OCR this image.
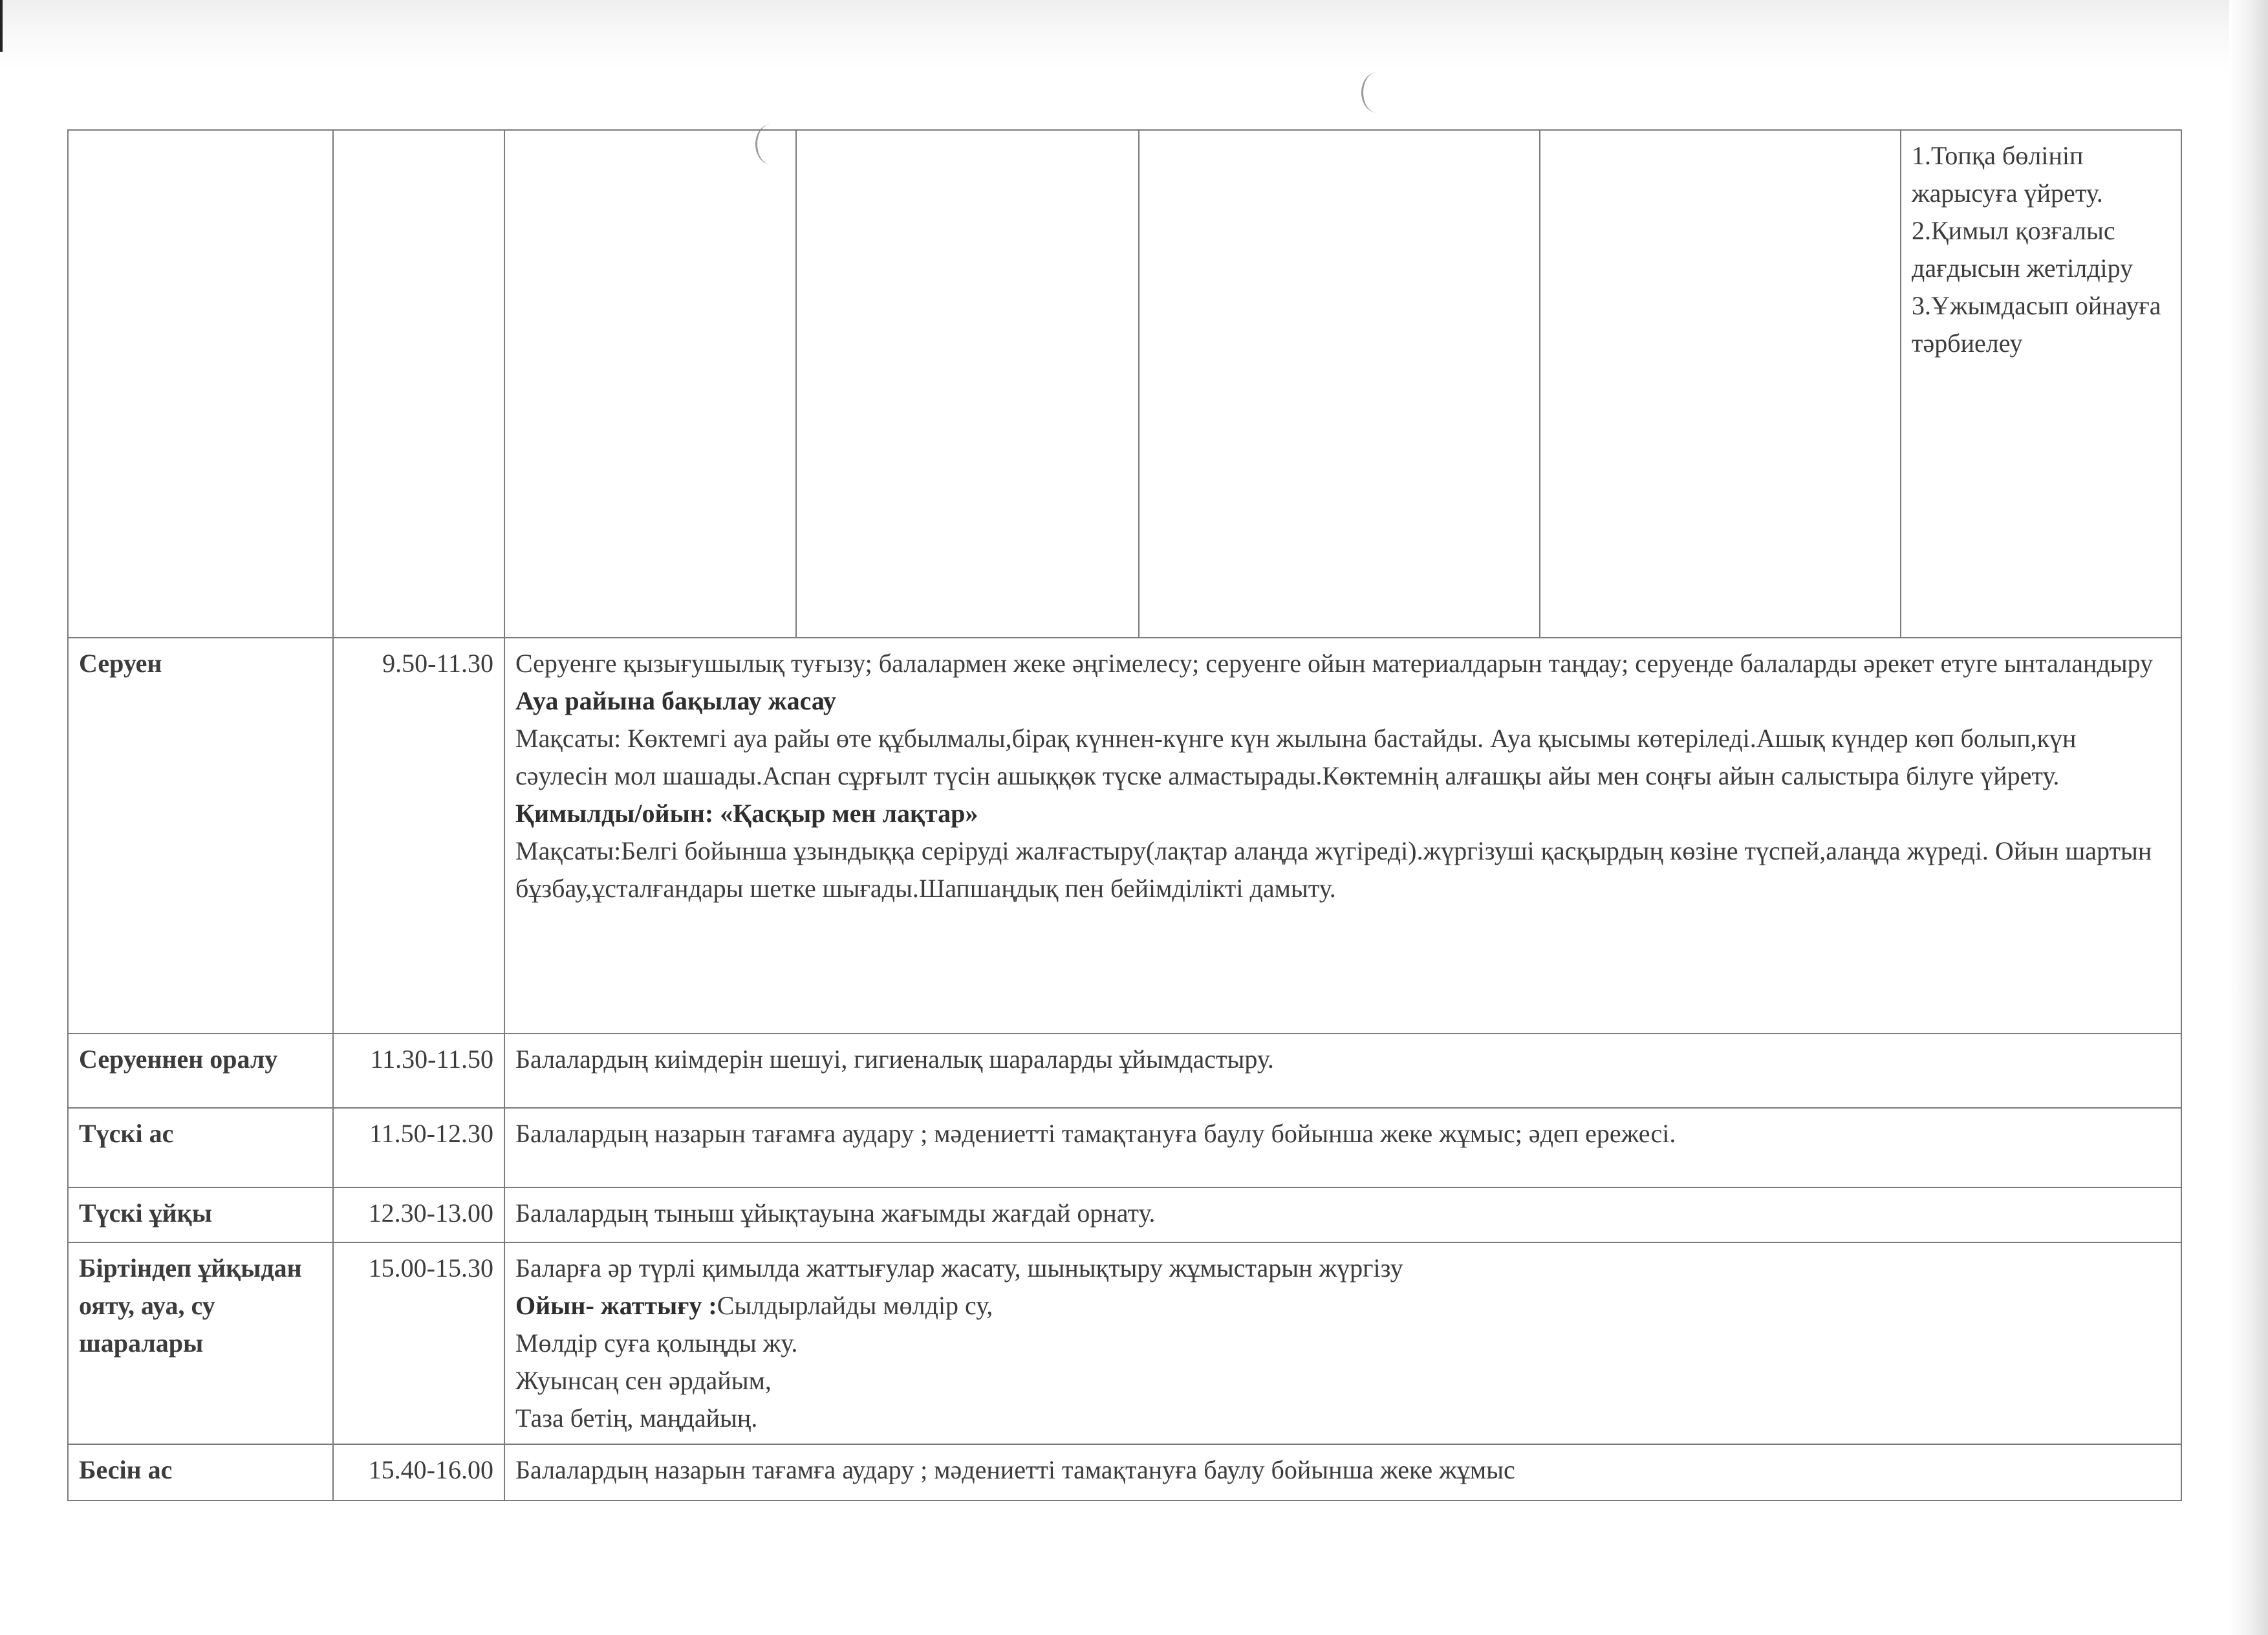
						1.Топқа бөлініп жарысуға үйрету.
2.Қимыл қозғалыс дағдысын жетілдіру
3.Ұжымдасып ойнауға тәрбиелеу

Серуен	9.50-11.30	Серуенге қызығушылық туғызу; балалармен жеке әңгімелесу; серуенге ойын материалдарын таңдау; серуенде балаларды әрекет етуге ынталандыру
Ауа райына бақылау жасау
Мақсаты: Көктемгі ауа райы өте құбылмалы,бірақ күннен-күнге күн жылына бастайды. Ауа қысымы көтеріледі.Ашық күндер көп болып,күн сәулесін мол шашады.Аспан сұрғылт түсін ашыққөк түске алмастырады.Көктемнің алғашқы айы мен соңғы айын салыстыра білуге үйрету.
Қимылды/ойын: «Қасқыр мен лақтар»
Мақсаты:Белгі бойынша ұзындыққа серіруді жалғастыру(лақтар алаңда жүгіреді).жүргізуші қасқырдың көзіне түспей,алаңда жүреді. Ойын шартын бұзбау,ұсталғандары шетке шығады.Шапшаңдық пен бейімділікті дамыту.				

Серуеннен оралу	11.30-11.50	Балалардың киімдерін шешуі, гигиеналық шараларды ұйымдастыру.				
Түскі ас	11.50-12.30	Балалардың назарын тағамға аудару ; мәдениетті тамақтануға баулу бойынша жеке жұмыс; әдеп ережесі.				
Түскі ұйқы	12.30-13.00	Балалардың тыныш ұйықтауына жағымды жағдай орнату.				
Біртіндеп ұйқыдан ояту, ауа, су шаралары	15.00-15.30	Баларға әр түрлі қимылда жаттығулар жасату, шынықтыру жұмыстарын жүргізу
Ойын- жаттығу :Сылдырлайды мөлдір су,
Мөлдір суға қолыңды жу.
Жуынсаң сен әрдайым,
Таза бетің, маңдайың.				

Бесін ас	15.40-16.00	Балалардың назарын тағамға аудару ; мәдениетті тамақтануға баулу бойынша жеке жұмыс				
